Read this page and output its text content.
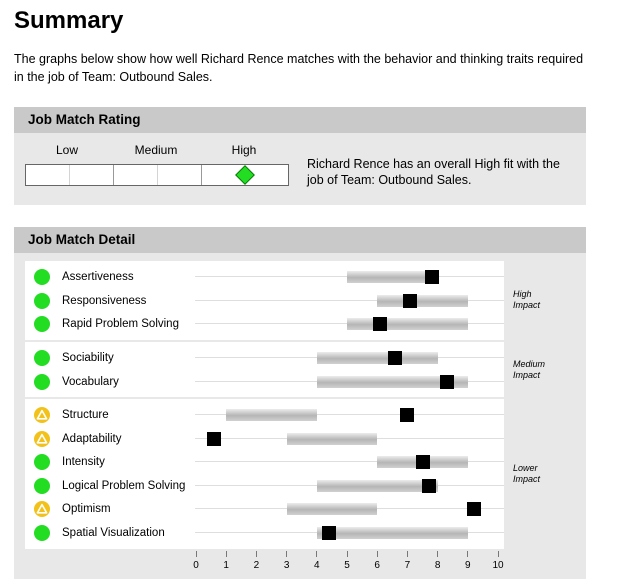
Summary

The graphs below show how well Richard Rence matches with the behavior and thinking traits required in the job of Team: Outbound Sales.

Job Match Rating
Low	Medium	High
Richard Rence has an overall High fit with the job of Team: Outbound Sales.
Job Match Detail
Assertiveness
Responsiveness
Rapid Problem Solving
Sociability
Vocabulary
Structure
Adaptability
Intensity
Logical Problem Solving
Optimism
Spatial Visualization
High
Impact
Medium
Impact
Lower
Impact
0 1 2 3 4 5 6 7 8 9 10
